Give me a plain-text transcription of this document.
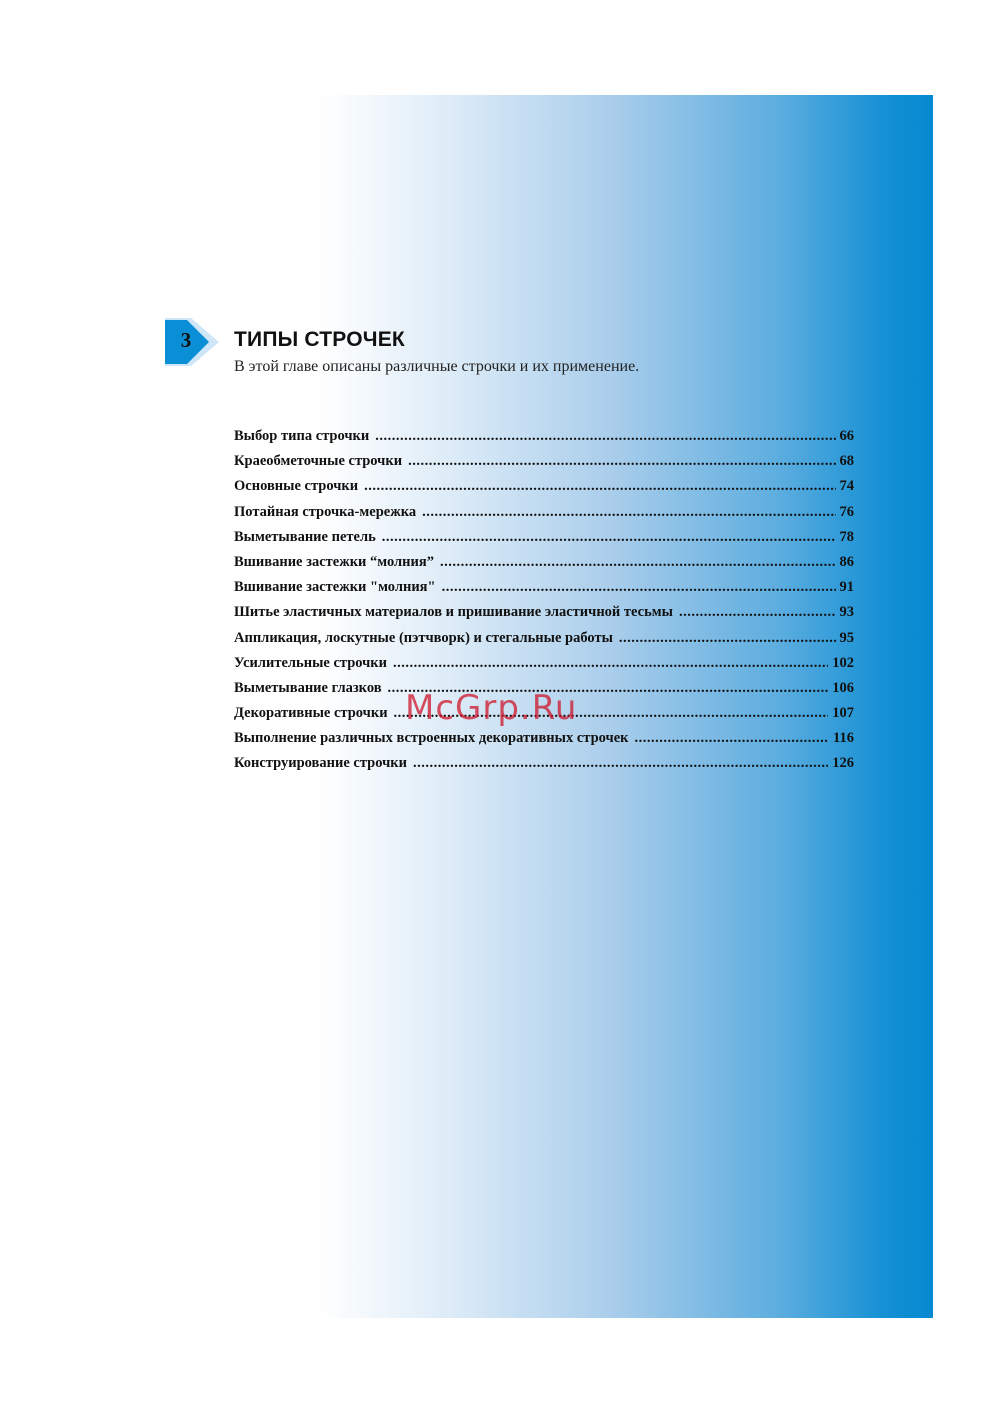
3 ТИПЫ СТРОЧЕК

В этой главе описаны различные строчки и их применение.

Выбор типа строчки .....	66
Краеобметочные строчки .....	68
Основные строчки .....	74
Потайная строчка-мережка .....	76
Выметывание петель .....	78
Вшивание застежки “молния” .....	86
Вшивание застежки "молния" .....	91
Шитье эластичных материалов и пришивание эластичной тесьмы .....	93
Аппликация, лоскутные (пэтчворк) и стегальные работы .....	95
Усилительные строчки .....	102
Выметывание глазков .....	106
Декоративные строчки .....	107
Выполнение различных встроенных декоративных строчек .....	116
Конструирование строчки .....	126
McGrp.Ru
